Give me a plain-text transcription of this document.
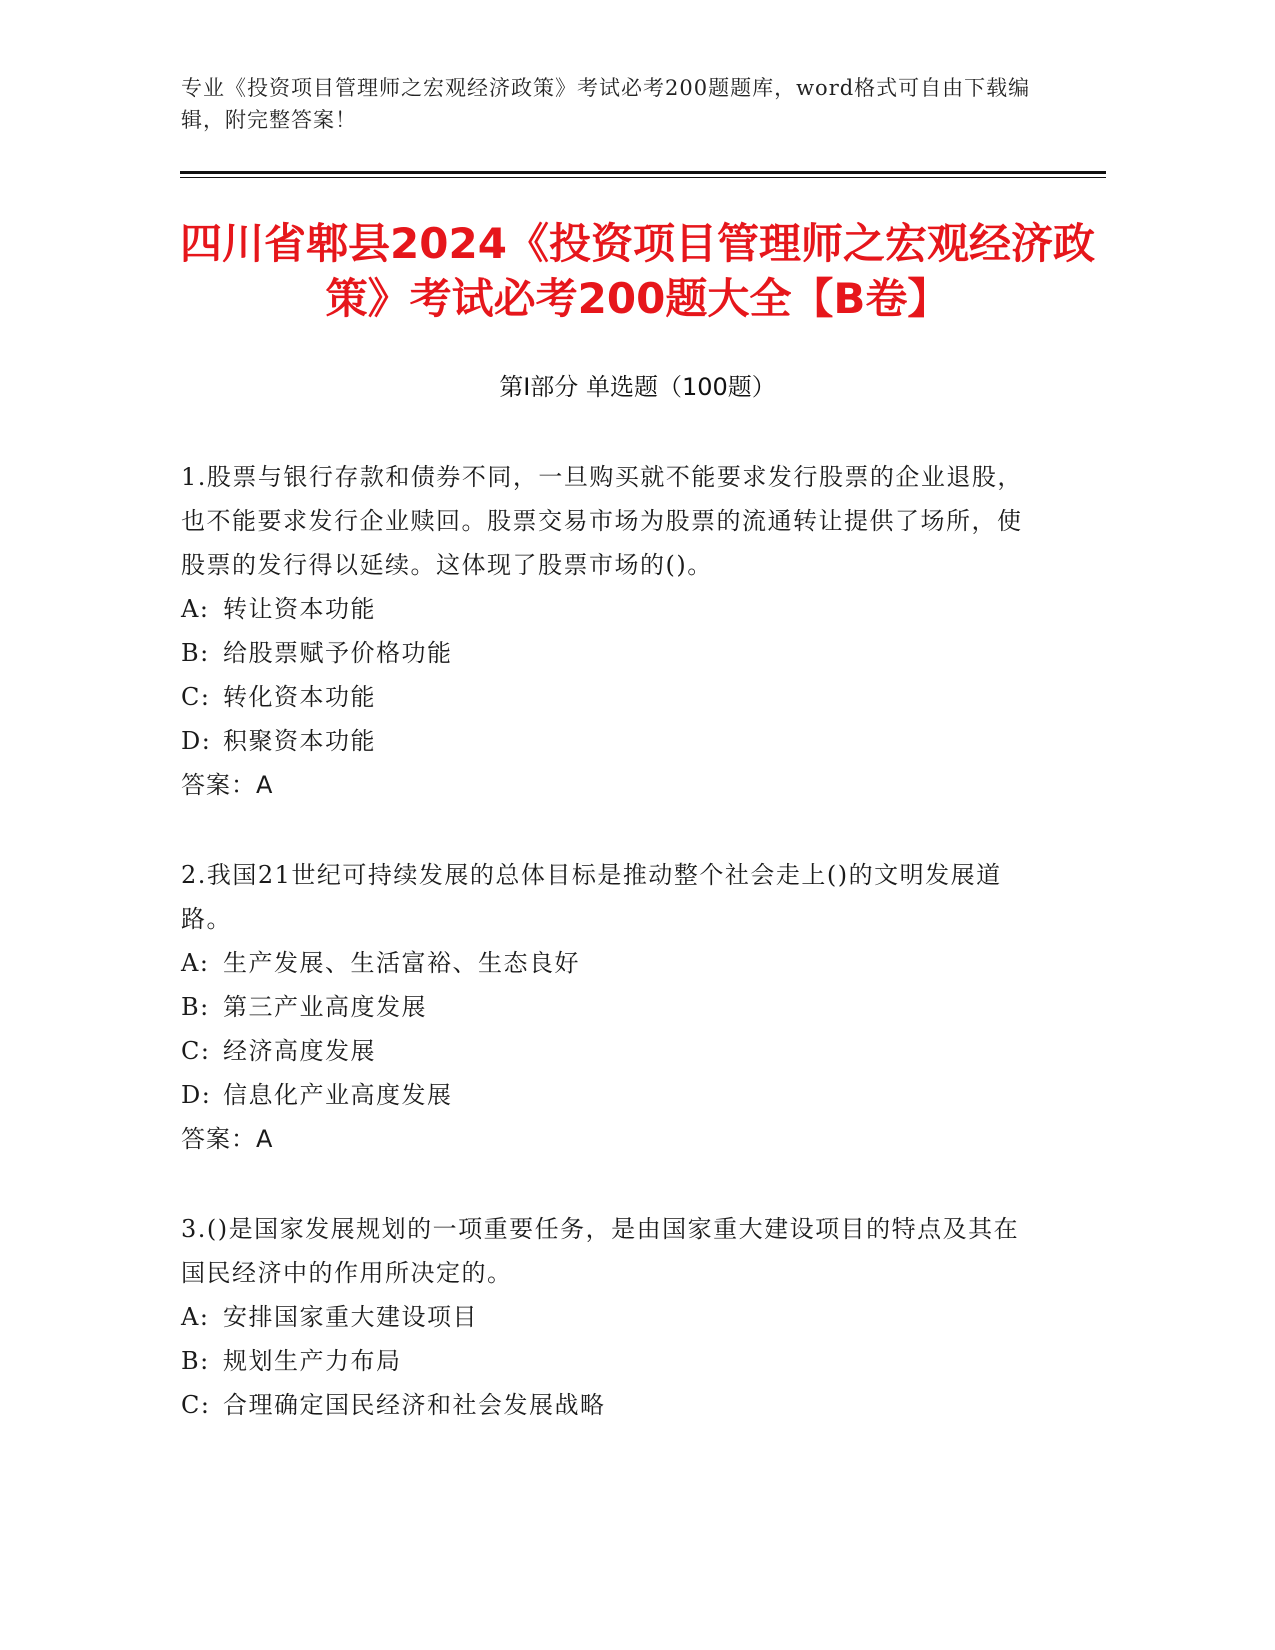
专业《投资项目管理师之宏观经济政策》考试必考200题题库，word格式可自由下载编辑，附完整答案！
四川省郫县2024《投资项目管理师之宏观经济政策》考试必考200题大全【B卷】
第I部分 单选题（100题）
1.股票与银行存款和债券不同，一旦购买就不能要求发行股票的企业退股，也不能要求发行企业赎回。股票交易市场为股票的流通转让提供了场所，使股票的发行得以延续。这体现了股票市场的()。
A: 转让资本功能
B: 给股票赋予价格功能
C: 转化资本功能
D: 积聚资本功能
答案：A
2.我国21世纪可持续发展的总体目标是推动整个社会走上()的文明发展道路。
A: 生产发展、生活富裕、生态良好
B: 第三产业高度发展
C: 经济高度发展
D: 信息化产业高度发展
答案：A
3.()是国家发展规划的一项重要任务，是由国家重大建设项目的特点及其在国民经济中的作用所决定的。
A: 安排国家重大建设项目
B: 规划生产力布局
C: 合理确定国民经济和社会发展战略
